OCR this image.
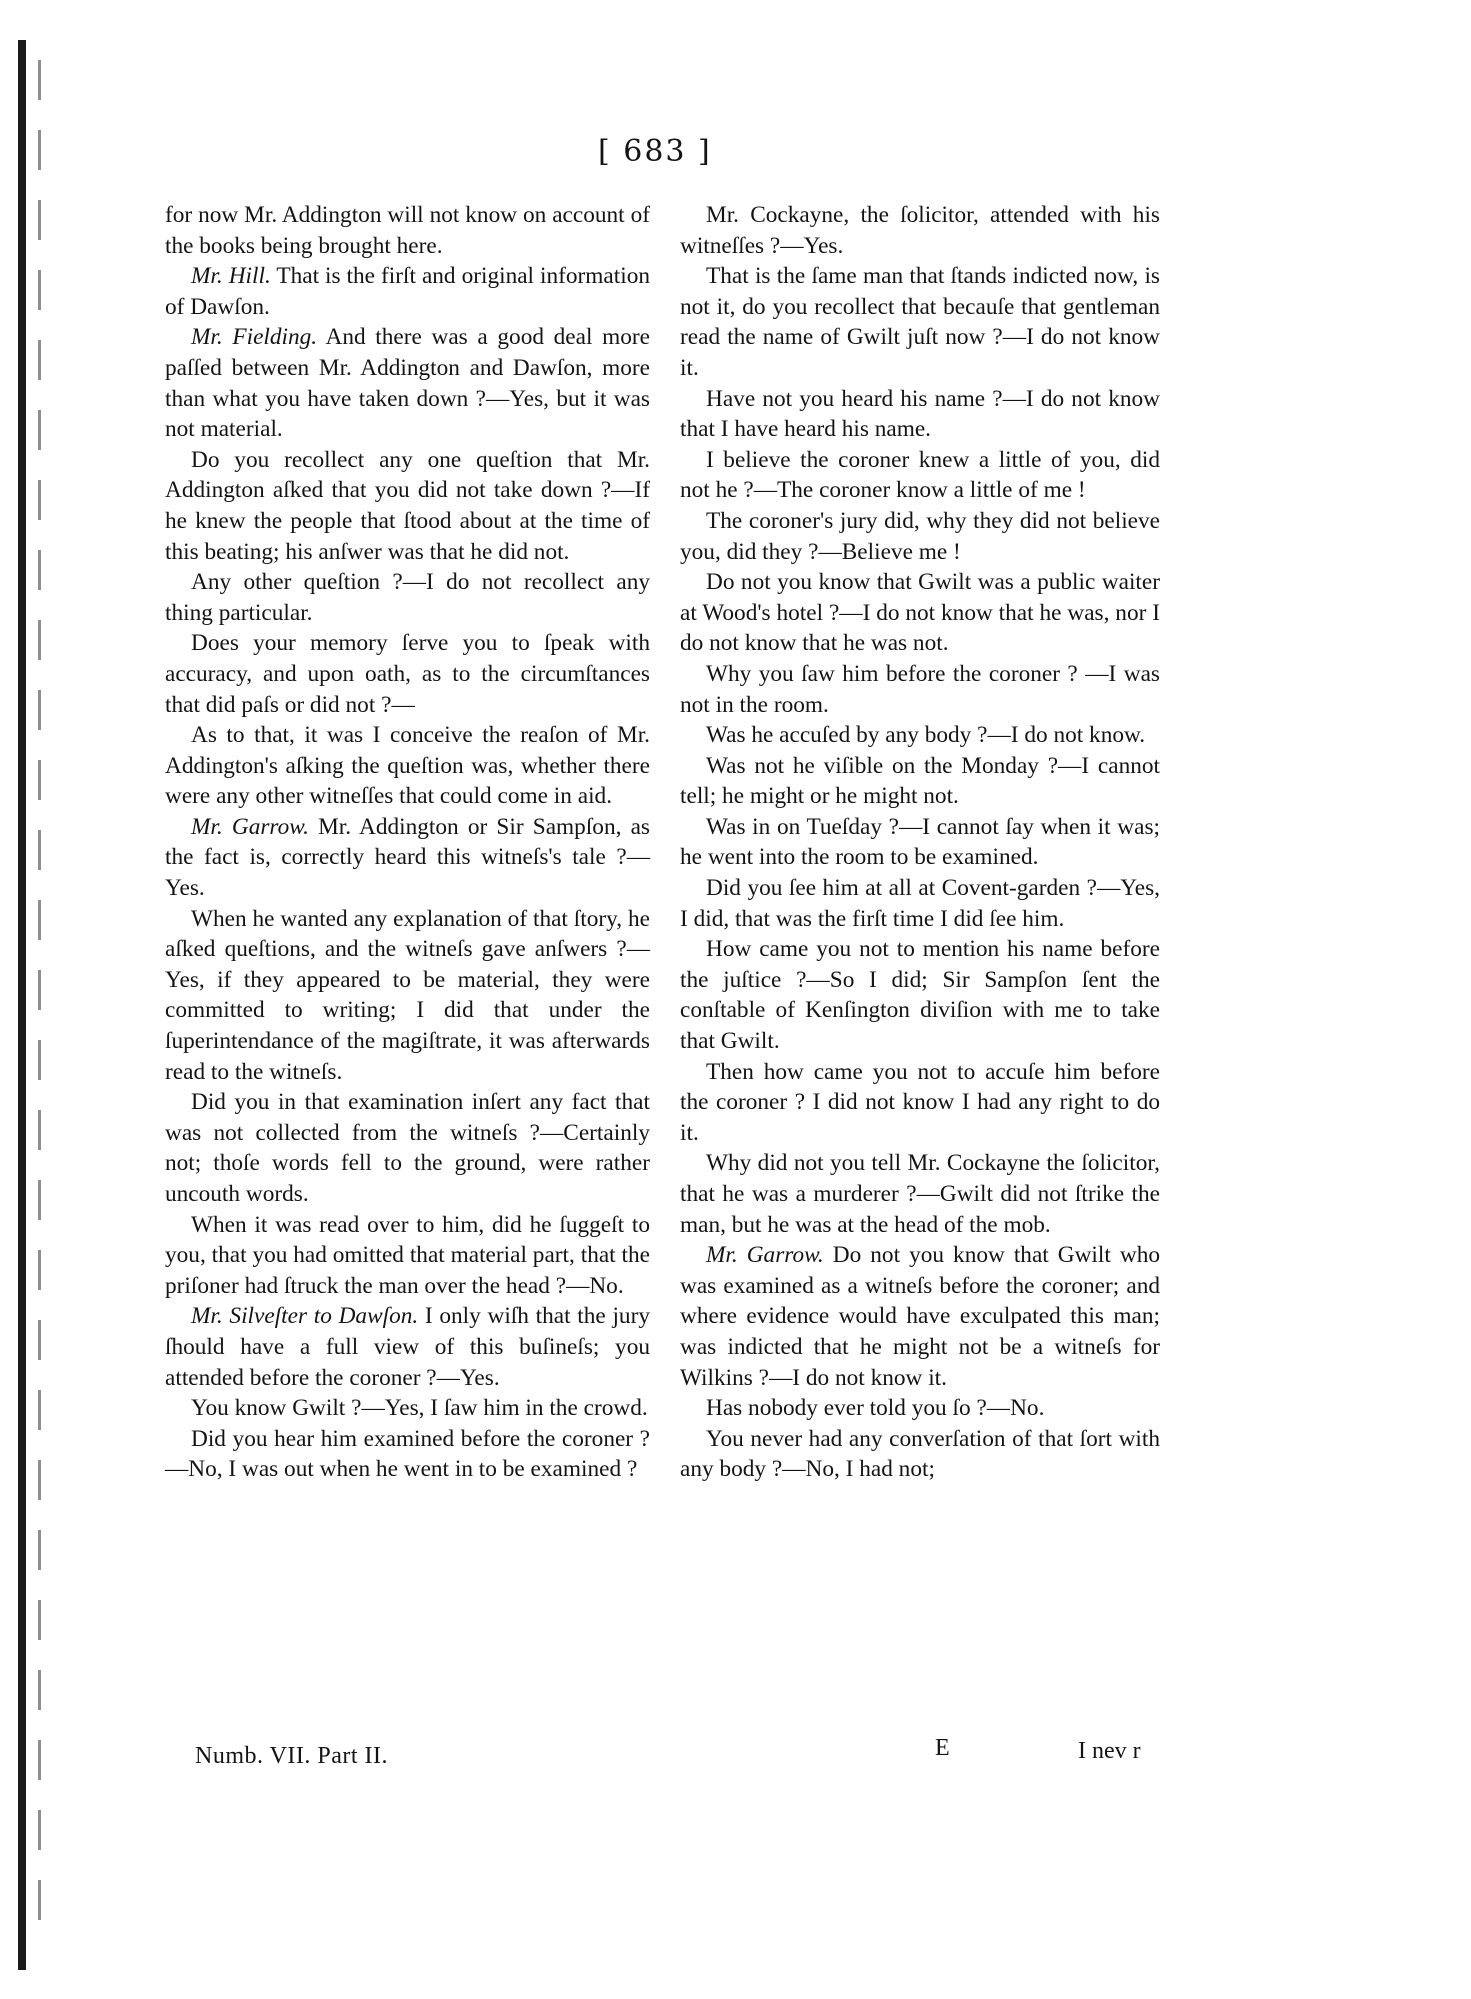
[ 683 ]

for now Mr. Addington will not know on account of the books being brought here.

Mr. Hill. That is the firſt and original information of Dawſon.

Mr. Fielding. And there was a good deal more paſſed between Mr. Addington and Dawſon, more than what you have taken down ?—Yes, but it was not material.

Do you recollect any one queſtion that Mr. Addington aſked that you did not take down ?—If he knew the people that ſtood about at the time of this beating; his anſwer was that he did not.

Any other queſtion ?—I do not recollect any thing particular.

Does your memory ſerve you to ſpeak with accuracy, and upon oath, as to the circumſtances that did paſs or did not ?—

As to that, it was I conceive the reaſon of Mr. Addington's aſking the queſtion was, whether there were any other witneſſes that could come in aid.

Mr. Garrow. Mr. Addington or Sir Sampſon, as the fact is, correctly heard this witneſs's tale ?—Yes.

When he wanted any explanation of that ſtory, he aſked queſtions, and the witneſs gave anſwers ?—Yes, if they appeared to be material, they were committed to writing; I did that under the ſuperintendance of the magiſtrate, it was afterwards read to the witneſs.

Did you in that examination inſert any fact that was not collected from the witneſs ?—Certainly not; thoſe words fell to the ground, were rather uncouth words.

When it was read over to him, did he ſuggeſt to you, that you had omitted that material part, that the priſoner had ſtruck the man over the head ?—No.

Mr. Silveſter to Dawſon. I only wiſh that the jury ſhould have a full view of this buſineſs; you attended before the coroner ?—Yes.

You know Gwilt ?—Yes, I ſaw him in the crowd.

Did you hear him examined before the coroner ?—No, I was out when he went in to be examined ?

Mr. Cockayne, the ſolicitor, attended with his witneſſes ?—Yes.

That is the ſame man that ſtands indicted now, is not it, do you recollect that becauſe that gentleman read the name of Gwilt juſt now ?—I do not know it.

Have not you heard his name ?—I do not know that I have heard his name.

I believe the coroner knew a little of you, did not he ?—The coroner know a little of me !

The coroner's jury did, why they did not believe you, did they ?—Believe me !

Do not you know that Gwilt was a public waiter at Wood's hotel ?—I do not know that he was, nor I do not know that he was not.

Why you ſaw him before the coroner ? —I was not in the room.

Was he accuſed by any body ?—I do not know.

Was not he viſible on the Monday ?—I cannot tell; he might or he might not.

Was in on Tueſday ?—I cannot ſay when it was; he went into the room to be examined.

Did you ſee him at all at Covent-garden ?—Yes, I did, that was the firſt time I did ſee him.

How came you not to mention his name before the juſtice ?—So I did; Sir Sampſon ſent the conſtable of Kenſington diviſion with me to take that Gwilt.

Then how came you not to accuſe him before the coroner ? I did not know I had any right to do it.

Why did not you tell Mr. Cockayne the ſolicitor, that he was a murderer ?—Gwilt did not ſtrike the man, but he was at the head of the mob.

Mr. Garrow. Do not you know that Gwilt who was examined as a witneſs before the coroner; and where evidence would have exculpated this man; was indicted that he might not be a witneſs for Wilkins ?—I do not know it.

Has nobody ever told you ſo ?—No.

You never had any converſation of that ſort with any body ?—No, I had not;

Numb. VII. Part II.	E	I nev r
